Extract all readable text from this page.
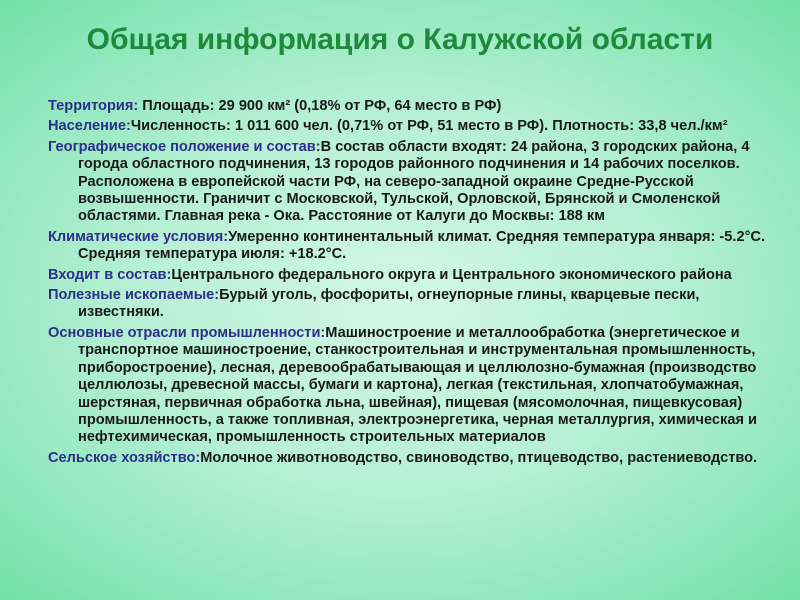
Общая информация о Калужской области

Территория: Площадь: 29 900 км² (0,18% от РФ, 64 место в РФ)

Население:Численность: 1 011 600 чел. (0,71% от РФ, 51 место в РФ). Плотность: 33,8 чел./км²

Географическое положение и состав:В состав области входят: 24 района, 3 городских района, 4 города областного подчинения, 13 городов районного подчинения и 14 рабочих поселков. Расположена в европейской части РФ, на северо-западной окраине Средне-Русской возвышенности. Граничит с Московской, Тульской, Орловской, Брянской и Смоленской областями. Главная река - Ока. Расстояние от Калуги до Москвы: 188 км

Климатические условия:Умеренно континентальный климат. Средняя температура января: -5.2°C. Средняя температура июля: +18.2°C.

Входит в состав:Центрального федерального округа и Центрального экономического района

Полезные ископаемые:Бурый уголь, фосфориты, огнеупорные глины, кварцевые пески, известняки.

Основные отрасли промышленности:Машиностроение и металлообработка (энергетическое и транспортное машиностроение, станкостроительная и инструментальная промышленность, приборостроение), лесная, деревообрабатывающая и целлюлозно-бумажная (производство целлюлозы, древесной массы, бумаги и картона), легкая (текстильная, хлопчатобумажная, шерстяная, первичная обработка льна, швейная), пищевая (мясомолочная, пищевкусовая) промышленность, а также топливная, электроэнергетика, черная металлургия, химическая и нефтехимическая, промышленность строительных материалов

Сельское хозяйство:Молочное животноводство, свиноводство, птицеводство, растениеводство.
